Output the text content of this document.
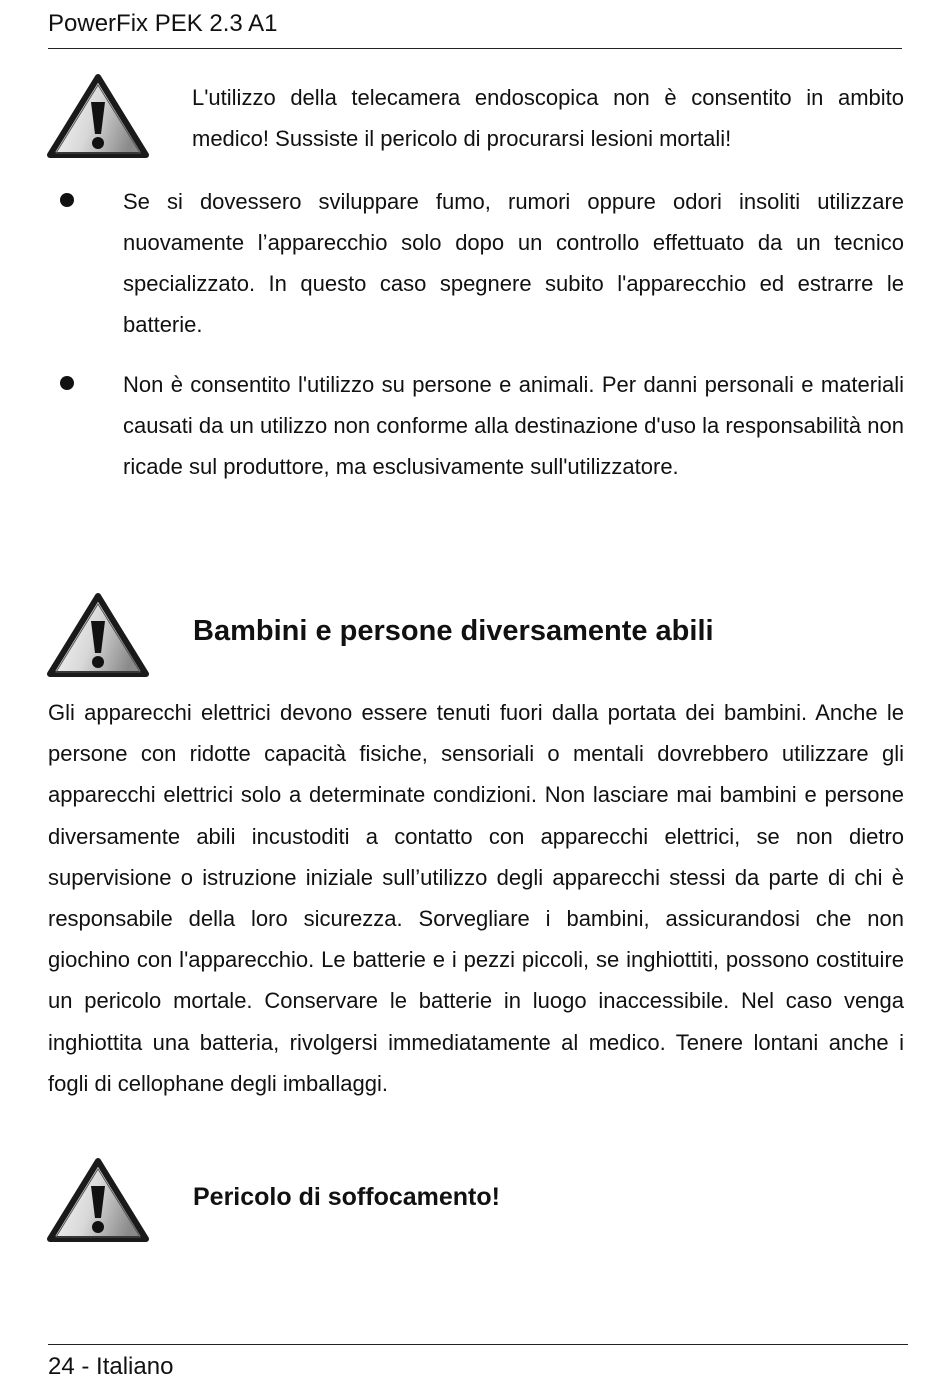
PowerFix PEK 2.3 A1

L'utilizzo della telecamera endoscopica non è consentito in ambito medico! Sussiste il pericolo di procurarsi lesioni mortali!

Se si dovessero sviluppare fumo, rumori oppure odori insoliti utilizzare nuovamente l’apparecchio solo dopo un controllo effettuato da un tecnico specializzato. In questo caso spegnere subito l'apparecchio ed estrarre le batterie.

Non è consentito l'utilizzo su persone e animali. Per danni personali e materiali causati da un utilizzo non conforme alla destinazione d'uso la responsabilità non ricade sul produttore, ma esclusivamente sull'utilizzatore.

Bambini e persone diversamente abili

Gli apparecchi elettrici devono essere tenuti fuori dalla portata dei bambini. Anche le persone con ridotte capacità fisiche, sensoriali o mentali dovrebbero utilizzare gli apparecchi elettrici solo a determinate condizioni. Non lasciare mai bambini e persone diversamente abili incustoditi a contatto con apparecchi elettrici, se non dietro supervisione o istruzione iniziale sull’utilizzo degli apparecchi stessi da parte di chi è responsabile della loro sicurezza. Sorvegliare i bambini, assicurandosi che non giochino con l'apparecchio. Le batterie e i pezzi piccoli, se inghiottiti, possono costituire un pericolo mortale. Conservare le batterie in luogo inaccessibile. Nel caso venga inghiottita una batteria, rivolgersi immediatamente al medico. Tenere lontani anche i fogli di cellophane degli imballaggi.

Pericolo di soffocamento!
24 - Italiano
